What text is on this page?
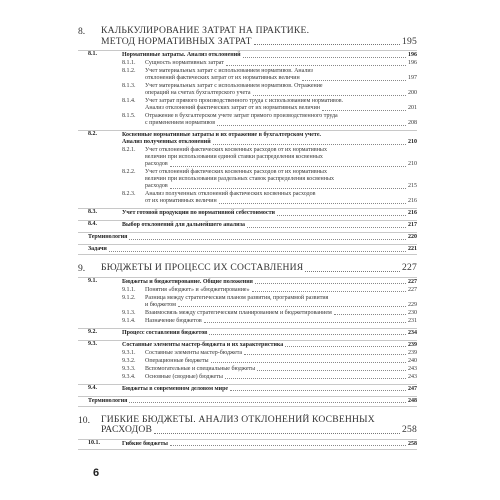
8. КАЛЬКУЛИРОВАНИЕ ЗАТРАТ НА ПРАКТИКЕ.
МЕТОД НОРМАТИВНЫХ ЗАТРАТ	195
8.1.	Нормативные затраты. Анализ отклонений	196
8.1.1. Сущность нормативных затрат	196
8.1.2. Учет материальных затрат с использованием нормативов. Анализ
отклонений фактических затрат от их нормативных величин	197
8.1.3. Учет материальных затрат с использованием нормативов. Отражение
операций на счетах бухгалтерского учета	200
8.1.4. Учет затрат прямого производственного труда с использованием нормативов.
Анализ отклонений фактических затрат от их нормативных величин	201
8.1.5. Отражение в бухгалтерском учете затрат прямого производственного труда
с применением нормативов	208
8.2.	Косвенные нормативные затраты и их отражение в бухгалтерском учете.
Анализ полученных отклонений	210
8.2.1. Учет отклонений фактических косвенных расходов от их нормативных
величин при использовании единой ставки распределения косвенных
расходов	210
8.2.2. Учет отклонений фактических косвенных расходов от их нормативных
величин при использовании раздельных ставок распределения косвенных
расходов	215
8.2.3. Анализ полученных отклонений фактических косвенных расходов
от их нормативных величин	216
8.3.	Учет готовой продукции по нормативной себестоимости	216
8.4.	Выбор отклонений для дальнейшего анализа	217
Терминология	220
Задачи	221
9. БЮДЖЕТЫ И ПРОЦЕСС ИХ СОСТАВЛЕНИЯ	227
9.1.	Бюджеты и бюджетирование. Общие положения	227
9.1.1. Понятия «бюджет» и «бюджетирование»	227
9.1.2. Разница между стратегическим планом развития, программой развития
и бюджетом	229
9.1.3. Взаимосвязь между стратегическим планированием и бюджетированием	230
9.1.4. Назначение бюджетов	231
9.2.	Процесс составления бюджетов	234
9.3.	Составные элементы мастер-бюджета и их характеристика	239
9.3.1. Составные элементы мастер-бюджета	239
9.3.2. Операционные бюджеты	240
9.3.3. Вспомогательные и специальные бюджеты	243
9.3.4. Основные (сводные) бюджеты	243
9.4.	Бюджеты в современном деловом мире	247
Терминология	248
10. ГИБКИЕ БЮДЖЕТЫ. АНАЛИЗ ОТКЛОНЕНИЙ КОСВЕННЫХ
РАСХОДОВ	258
10.1.	Гибкие бюджеты	258
6
